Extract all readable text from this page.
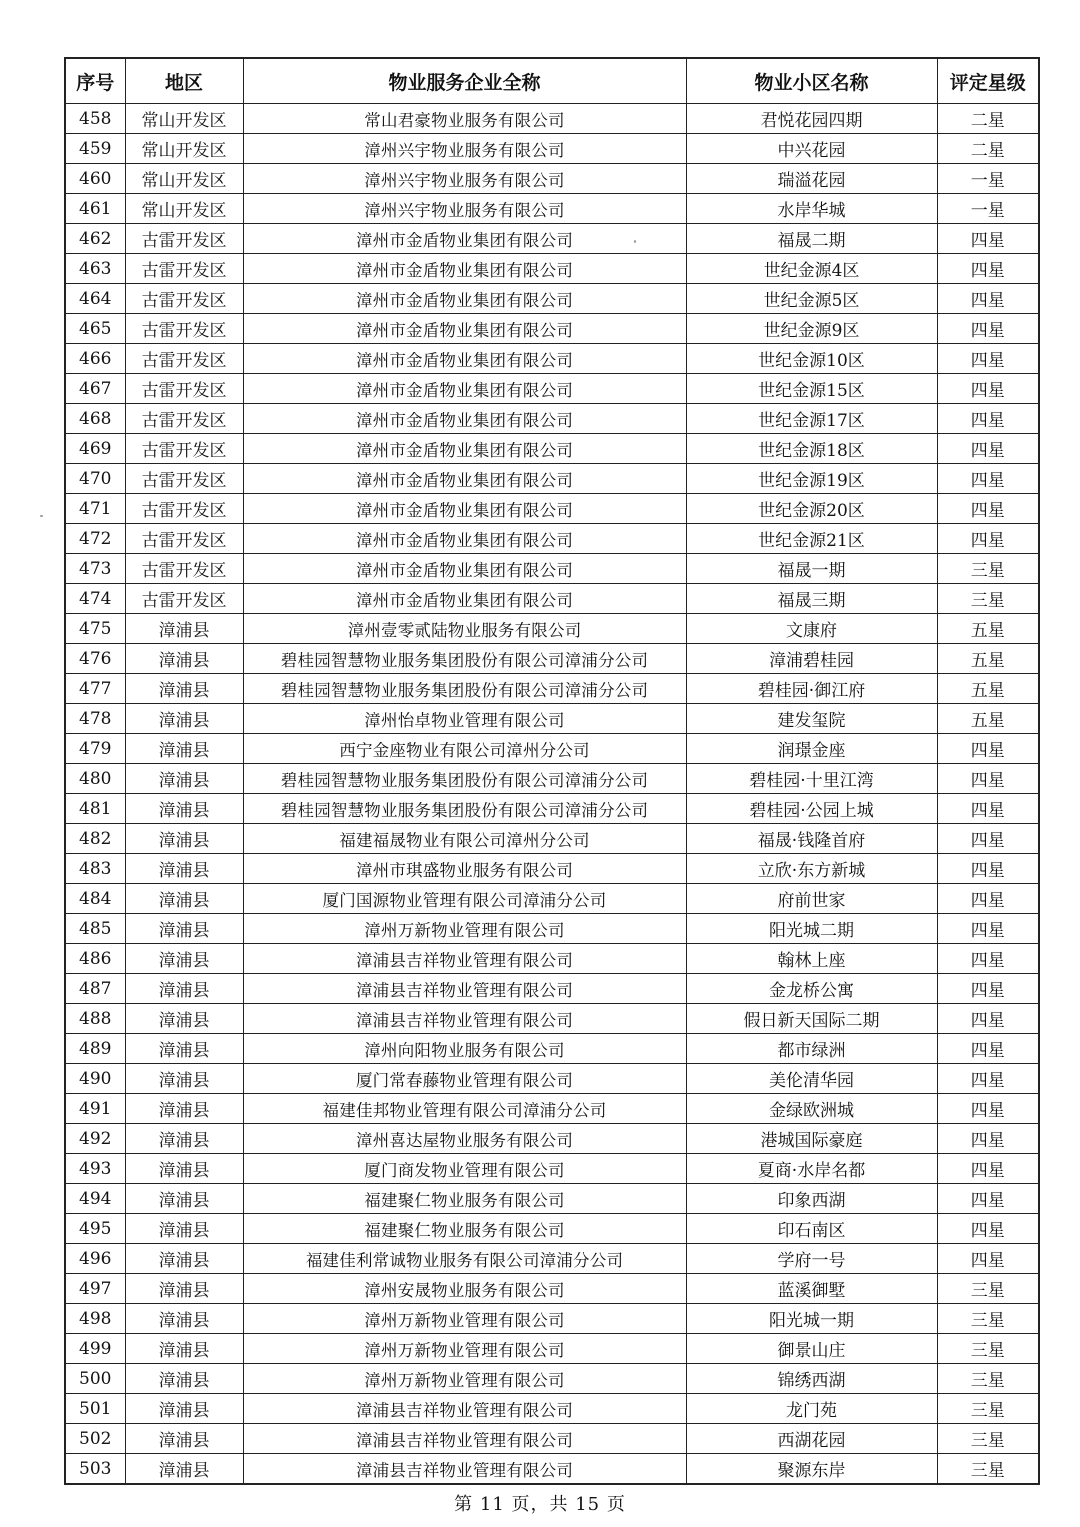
序号	地区	物业服务企业全称	物业小区名称	评定星级
458	常山开发区	常山君豪物业服务有限公司	君悦花园四期	二星
459	常山开发区	漳州兴宇物业服务有限公司	中兴花园	二星
460	常山开发区	漳州兴宇物业服务有限公司	瑞溢花园	一星
461	常山开发区	漳州兴宇物业服务有限公司	水岸华城	一星
462	古雷开发区	漳州市金盾物业集团有限公司	福晟二期	四星
463	古雷开发区	漳州市金盾物业集团有限公司	世纪金源4区	四星
464	古雷开发区	漳州市金盾物业集团有限公司	世纪金源5区	四星
465	古雷开发区	漳州市金盾物业集团有限公司	世纪金源9区	四星
466	古雷开发区	漳州市金盾物业集团有限公司	世纪金源10区	四星
467	古雷开发区	漳州市金盾物业集团有限公司	世纪金源15区	四星
468	古雷开发区	漳州市金盾物业集团有限公司	世纪金源17区	四星
469	古雷开发区	漳州市金盾物业集团有限公司	世纪金源18区	四星
470	古雷开发区	漳州市金盾物业集团有限公司	世纪金源19区	四星
471	古雷开发区	漳州市金盾物业集团有限公司	世纪金源20区	四星
472	古雷开发区	漳州市金盾物业集团有限公司	世纪金源21区	四星
473	古雷开发区	漳州市金盾物业集团有限公司	福晟一期	三星
474	古雷开发区	漳州市金盾物业集团有限公司	福晟三期	三星
475	漳浦县	漳州壹零贰陆物业服务有限公司	文康府	五星
476	漳浦县	碧桂园智慧物业服务集团股份有限公司漳浦分公司	漳浦碧桂园	五星
477	漳浦县	碧桂园智慧物业服务集团股份有限公司漳浦分公司	碧桂园·御江府	五星
478	漳浦县	漳州怡卓物业管理有限公司	建发玺院	五星
479	漳浦县	西宁金座物业有限公司漳州分公司	润璟金座	四星
480	漳浦县	碧桂园智慧物业服务集团股份有限公司漳浦分公司	碧桂园·十里江湾	四星
481	漳浦县	碧桂园智慧物业服务集团股份有限公司漳浦分公司	碧桂园·公园上城	四星
482	漳浦县	福建福晟物业有限公司漳州分公司	福晟·钱隆首府	四星
483	漳浦县	漳州市琪盛物业服务有限公司	立欣·东方新城	四星
484	漳浦县	厦门国源物业管理有限公司漳浦分公司	府前世家	四星
485	漳浦县	漳州万新物业管理有限公司	阳光城二期	四星
486	漳浦县	漳浦县吉祥物业管理有限公司	翰林上座	四星
487	漳浦县	漳浦县吉祥物业管理有限公司	金龙桥公寓	四星
488	漳浦县	漳浦县吉祥物业管理有限公司	假日新天国际二期	四星
489	漳浦县	漳州向阳物业服务有限公司	都市绿洲	四星
490	漳浦县	厦门常春藤物业管理有限公司	美伦清华园	四星
491	漳浦县	福建佳邦物业管理有限公司漳浦分公司	金绿欧洲城	四星
492	漳浦县	漳州喜达屋物业服务有限公司	港城国际豪庭	四星
493	漳浦县	厦门商发物业管理有限公司	夏商·水岸名都	四星
494	漳浦县	福建聚仁物业服务有限公司	印象西湖	四星
495	漳浦县	福建聚仁物业服务有限公司	印石南区	四星
496	漳浦县	福建佳利常诚物业服务有限公司漳浦分公司	学府一号	四星
497	漳浦县	漳州安晟物业服务有限公司	蓝溪御墅	三星
498	漳浦县	漳州万新物业管理有限公司	阳光城一期	三星
499	漳浦县	漳州万新物业管理有限公司	御景山庄	三星
500	漳浦县	漳州万新物业管理有限公司	锦绣西湖	三星
501	漳浦县	漳浦县吉祥物业管理有限公司	龙门苑	三星
502	漳浦县	漳浦县吉祥物业管理有限公司	西湖花园	三星
503	漳浦县	漳浦县吉祥物业管理有限公司	聚源东岸	三星
第 11 页，共 15 页
